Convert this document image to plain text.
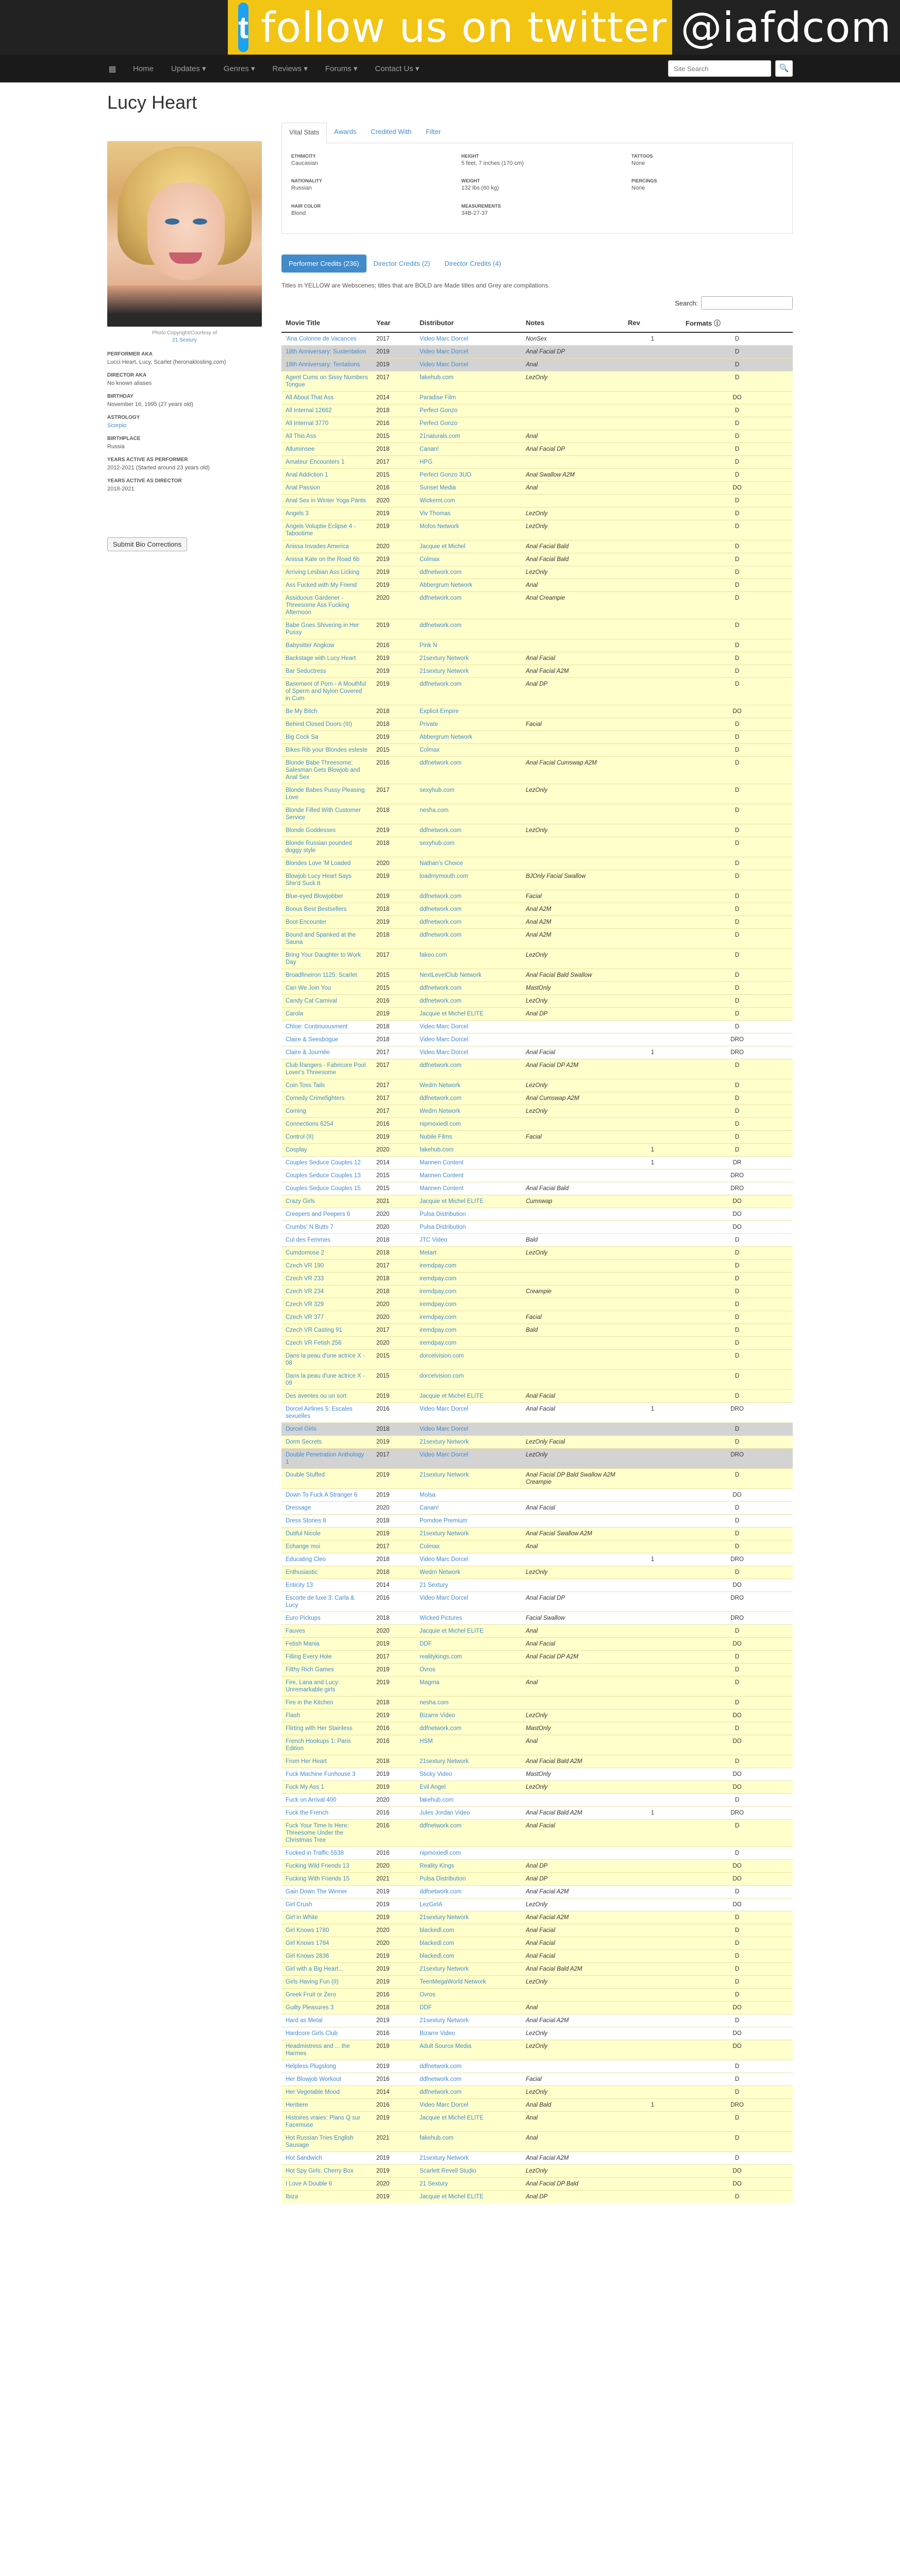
t follow us on twitter @iafdcom
▦ Home Updates ▾ Genres ▾ Reviews ▾ Forums ▾ Contact Us ▾
Site Search	🔍
Lucy Heart
Photo Copyright/Courtesy of
21 Sextury
PERFORMER AKA
Lucci Heart, Lucy, Scarlet (heronaklosting.com)
DIRECTOR AKA
No known aliases
BIRTHDAY
November 16, 1995 (27 years old)
ASTROLOGY
Scorpio
BIRTHPLACE
Russia
YEARS ACTIVE AS PERFORMER
2012-2021 (Started around 23 years old)
YEARS ACTIVE AS DIRECTOR
2018-2021
Submit Bio Corrections
Vital Stats	Awards	Credited With	Filter
ETHNICITY
Caucasian
HEIGHT
5 feet, 7 inches (170 cm)
TATTOOS
None
NATIONALITY
Russian
WEIGHT
132 lbs (60 kg)
PIERCINGS
None
HAIR COLOR
Blond
MEASUREMENTS
34B-27-37
Performer Credits (236)	Director Credits (2)	Director Credits (4)
Titles in YELLOW are Webscenes; titles that are BOLD are Made titles and Grey are compilations.
Search:
Movie Title	Year	Distributor	Notes	Rev	Formats ⓘ
'Ana Colonne de Vacances	2017	Video Marc Dorcel	NonSex	1	D
18th Anniversary: Sustentation	2019	Video Marc Dorcel	Anal Facial DP		D
18th Anniversary: Tentations	2019	Video Marc Dorcel	Anal		D
Agent Cums on Sissy Numbers Tongue	2017	fakehub.com	LezOnly		D
All About That Ass	2014	Paradise Film			DO
All Internal 12662	2018	Perfect Gonzo			D
All Internal 3770	2016	Perfect Gonzo			D
All This Ass	2015	21naturals.com	Anal		D
Alluminsee	2018	Canan!	Anal Facial DP		D
Amateur Encounters 1	2017	HPG			D
Anal Addiction 1	2015	Perfect Gonzo 3UO	Anal Swallow A2M		D
Anal Passion	2016	Sunset Media	Anal		DO
Anal Sex in Winter Yoga Pants	2020	Wickemt.com			D
Angels 3	2019	Viv Thomas	LezOnly		D
Angels Voluptie Eclipse 4 - Tabootime	2019	Mofos Network	LezOnly		D
Anissa Invades America	2020	Jacquie et Michel	Anal Facial Bald		D
Anissa Kate on the Road 6b	2019	Colmax	Anal Facial Bald		D
Arriving Lesbian Ass Licking	2019	ddfnetwork.com	LezOnly		D
Ass Fucked with My Friend	2019	Abbergrum Network	Anal		D
Assiduous Gardener - Threesome Ass Fucking Afternoon	2020	ddfnetwork.com	Anal Creampie		D
Babe Goes Shivering in Her Pussy	2019	ddfnetwork.com			D
Babysitter Angkow	2016	Pink N			D
Backstage with Lucy Heart	2019	21sextury Network	Anal Facial		D
Bar Seductress	2019	21sextury Network	Anal Facial A2M		D
Basement of Porn - A Mouthful of Sperm and Nylon Covered in Cum	2019	ddfnetwork.com	Anal DP		D
Be My Bitch	2018	Explicit Empire			DO
Behind Closed Doors (III)	2018	Private	Facial		D
Big Cock Sa	2019	Abbergrum Network			D
Bikes Rib your Blondes esteste	2015	Colmax			D
Blonde Babe Threesome: Salesman Gets Blowjob and Anal Sex	2016	ddfnetwork.com	Anal Facial Cumswap A2M		D
Blonde Babes Pussy Pleasing Love	2017	sexyhub.com	LezOnly		D
Blonde Filled With Customer Service	2018	nesha.com			D
Blonde Goddesses	2019	ddfnetwork.com	LezOnly		D
Blonde Russian pounded doggy style	2018	sexyhub.com			D
Blondes Love 'M Loaded	2020	Nathan's Choice			D
Blowjob Lucy Heart Says She'd Suck It	2019	loadmymouth.com	BJOnly Facial Swallow		D
Blue-eyed Blowjobber	2019	ddfnetwork.com	Facial		D
Bonus Best Bestsellers	2018	ddfnetwork.com	Anal A2M		D
Boot Encounter	2019	ddfnetwork.com	Anal A2M		D
Bound and Spanked at the Sauna	2018	ddfnetwork.com	Anal A2M		D
Bring Your Daughter to Work Day	2017	fakeo.com	LezOnly		D
Broadfineiron 1125: Scarlet	2015	NextLevelClub Network	Anal Facial Bald Swallow		D
Can We Join You	2015	ddfnetwork.com	MastOnly		D
Candy Cat Carnival	2016	ddfnetwork.com	LezOnly		D
Carola	2019	Jacquie et Michel ELITE	Anal DP		D
Chloe: Continuousment	2018	Video Marc Dorcel			D
Claire & Seesbogue	2018	Video Marc Dorcel			DRO
Claire & Journée	2017	Video Marc Dorcel	Anal Facial	1	DRO
Club Rangers - Fabricore Pool Lover's Threesome	2017	ddfnetwork.com	Anal Facial DP A2M		D
Coin Toss Tails	2017	Wedrn Network	LezOnly		D
Comedy Crimefighters	2017	ddfnetwork.com	Anal Cumswap A2M		D
Coming	2017	Wedrn Network	LezOnly		D
Connections 6254	2016	nipmoxiedl.com			D
Control (II)	2019	Nubile Films	Facial		D
Cosplay	2020	fakehub.com		1	D
Couples Seduce Couples 12	2014	Mannen Content		1	DR
Couples Seduce Couples 13	2015	Mannen Content			DRO
Couples Seduce Couples 15	2015	Mannen Content	Anal Facial Bald		DRO
Crazy Girls	2021	Jacquie et Michel ELITE	Cumswap		DO
Creepers and Peepers 6	2020	Pulsa Distribution			DO
Crumbs' N Butts 7	2020	Pulsa Distribution			DO
Cul des Femmes	2018	JTC Video	Bald		D
Cumdomose 2	2018	Metart	LezOnly		D
Czech VR 190	2017	iremdpay.com			D
Czech VR 233	2018	iremdpay.com			D
Czech VR 234	2018	iremdpay.com	Creampie		D
Czech VR 329	2020	iremdpay.com			D
Czech VR 377	2020	iremdpay.com	Facial		D
Czech VR Casting 91	2017	iremdpay.com	Bald		D
Czech VR Fetish 256	2020	iremdpay.com			D
Dans la peau d'une actrice X - 08	2015	dorcelvision.com			D
Dans la peau d'une actrice X - 09	2015	dorcelvision.com			D
Des aventes ou un sort	2019	Jacquie et Michel ELITE	Anal Facial		D
Dorcel Airlines 5: Escales sexuelles	2016	Video Marc Dorcel	Anal Facial	1	DRO
Dorcel Girls	2018	Video Marc Dorcel			D
Dorm Secrets	2019	21sextury Network	LezOnly Facial		D
Double Penetration Anthology 1	2017	Video Marc Dorcel	LezOnly		DRO
Double Stuffed	2019	21sextury Network	Anal Facial DP Bald Swallow A2M Creampie		D
Down To Fuck A Stranger 6	2019	Molsa			DO
Dressage	2020	Canan!	Anal Facial		D
Dress Stories 8	2018	Porndoe Premium			D
Dutiful Nicole	2019	21sextury Network	Anal Facial Swallow A2M		D
Echange moi	2017	Colmax	Anal		D
Educating Cleo	2018	Video Marc Dorcel		1	DRO
Enthusiastic	2018	Wedrn Network	LezOnly		D
Enticity 13	2014	21 Sextury			DO
Escorte de luxe 3: Carla & Lucy	2016	Video Marc Dorcel	Anal Facial DP		DRO
Euro Pickups	2018	Wicked Pictures	Facial Swallow		DRO
Fauves	2020	Jacquie et Michel ELITE	Anal		D
Fetish Mania	2019	DDF	Anal Facial		DO
Filling Every Hole	2017	realitykings.com	Anal Facial DP A2M		D
Filthy Rich Games	2019	Ovros			D
Fire, Lana and Lucy: Unremarkable girls	2019	Magma	Anal		D
Fire in the Kitchen	2018	nesha.com			D
Flash	2019	Bizarre Video	LezOnly		DO
Flirting with Her Stainless	2016	ddfnetwork.com	MastOnly		D
French Hookups 1: Paris Edition	2016	HSM	Anal		DO
From Her Heart	2018	21sextury Network	Anal Facial Bald A2M		D
Fuck Machine Funhouse 3	2019	Sticky Video	MastOnly		DO
Fuck My Ass 1	2019	Evil Angel	LezOnly		DO
Fuck on Arrival 400	2020	fakehub.com			D
Fuck the French	2016	Jules Jordan Video	Anal Facial Bald A2M	1	DRO
Fuck Your Time Is Here: Threesome Under the Christmas Tree	2016	ddfnetwork.com	Anal Facial		D
Fucked in Traffic 5538	2016	nipmoxiedl.com			D
Fucking Wild Friends 13	2020	Reality Kings	Anal DP		DO
Fucking With Friends 15	2021	Pulsa Distribution	Anal DP		DO
Gain Down The Winner	2019	ddfnetwork.com	Anal Facial A2M		D
Girl Crush	2019	LezGirlA	LezOnly		DO
Girl in White	2019	21sextury Network	Anal Facial A2M		D
Girl Knows 1780	2020	blackedl.com	Anal Facial		D
Girl Knows 1784	2020	blackedl.com	Anal Facial		D
Girl Knows 2836	2019	blackedl.com	Anal Facial		D
Girl with a Big Heart...	2019	21sextury Network	Anal Facial Bald A2M		D
Girls Having Fun (II)	2019	TeenMegaWorld Network	LezOnly		D
Greek Fruit or Zero	2016	Ovros			D
Guilty Pleasures 3	2018	DDF	Anal		DO
Hard as Metal	2019	21sextury Network	Anal Facial A2M		D
Hardcore Girls Club	2016	Bizarre Video	LezOnly		DO
Headmistress and ... the Harmes	2019	Adult Source Media	LezOnly		DO
Helpless Plugslong	2019	ddfnetwork.com			D
Her Blowjob Workout	2016	ddfnetwork.com	Facial		D
Her Vegetable Mood	2014	ddfnetwork.com	LezOnly		D
Heritiere	2016	Video Marc Dorcel	Anal Bald	1	DRO
Histoires vraies: Plans Q sur Facemuse	2019	Jacquie et Michel ELITE	Anal		D
Hot Russian Tries English Sausage	2021	fakehub.com	Anal		D
Hot Sandwich	2019	21sextury Network	Anal Facial A2M		D
Hot Spy Girls: Cherry Box	2019	Scarlett Revell Studio	LezOnly		DO
I Love A Double 6	2020	21 Sextury	Anal Facial DP Bald		DO
Ibiza	2019	Jacquie et Michel ELITE	Anal DP		D
